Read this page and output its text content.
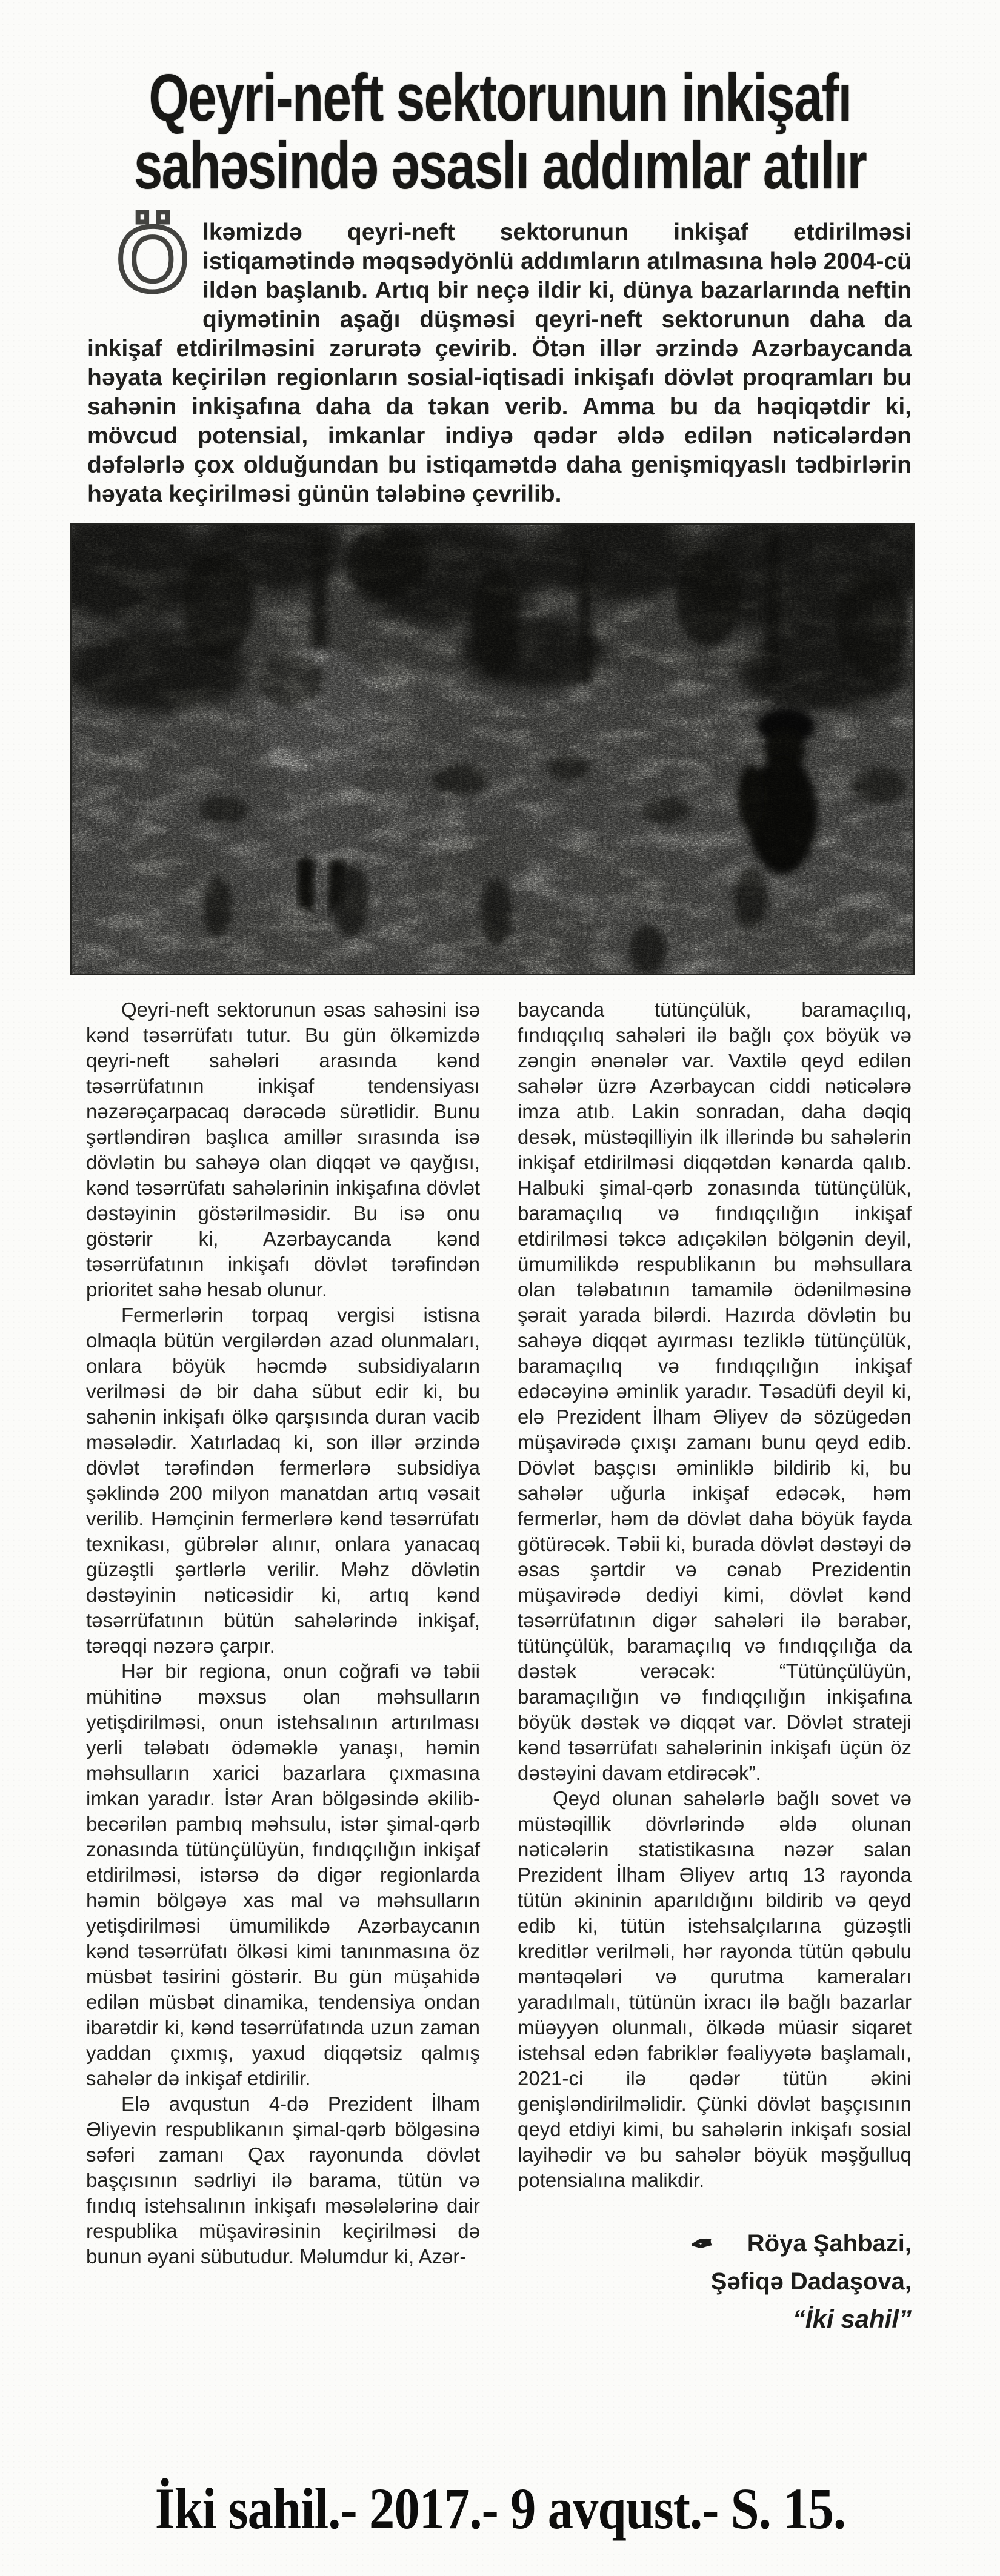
Qeyri-neft sektorunun inkişafı
sahəsində əsaslı addımlar atılır
Ölkəmizdə qeyri-neft sektorunun inkişaf etdirilməsi istiqamətində məqsədyönlü addımların atılmasına hələ 2004-cü ildən başlanıb. Artıq bir neçə ildir ki, dünya bazarlarında neftin qiymətinin aşağı düşməsi qeyri-neft sektorunun daha da inkişaf etdirilməsini zərurətə çevirib. Ötən illər ərzində Azərbaycanda həyata keçirilən regionların sosial-iqtisadi inkişafı dövlət proqramları bu sahənin inkişafına daha da təkan verib. Amma bu da həqiqətdir ki, mövcud potensial, imkanlar indiyə qədər əldə edilən nəticələrdən dəfələrlə çox olduğundan bu istiqamətdə daha genişmiqyaslı tədbirlərin həyata keçirilməsi günün tələbinə çevrilib.

Qeyri-neft sektorunun əsas sahəsini isə kənd təsərrüfatı tutur. Bu gün ölkəmizdə qeyri-neft sahələri arasında kənd təsərrüfatının inkişaf tendensiyası nəzərəçarpacaq dərəcədə sürətlidir. Bunu şərtləndirən başlıca amillər sırasında isə dövlətin bu sahəyə olan diqqət və qayğısı, kənd təsərrüfatı sahələrinin inkişafına dövlət dəstəyinin göstərilməsidir. Bu isə onu göstərir ki, Azərbaycanda kənd təsərrüfatının inkişafı dövlət tərəfindən prioritet sahə hesab olunur.

Fermerlərin torpaq vergisi istisna olmaqla bütün vergilərdən azad olunmaları, onlara böyük həcmdə subsidiyaların verilməsi də bir daha sübut edir ki, bu sahənin inkişafı ölkə qarşısında duran vacib məsələdir. Xatırladaq ki, son illər ərzində dövlət tərəfindən fermerlərə subsidiya şəklində 200 milyon manatdan artıq vəsait verilib. Həmçinin fermerlərə kənd təsərrüfatı texnikası, gübrələr alınır, onlara yanacaq güzəştli şərtlərlə verilir. Məhz dövlətin dəstəyinin nəticəsidir ki, artıq kənd təsərrüfatının bütün sahələrində inkişaf, tərəqqi nəzərə çarpır.

Hər bir regiona, onun coğrafi və təbii mühitinə məxsus olan məhsulların yetişdirilməsi, onun istehsalının artırılması yerli tələbatı ödəməklə yanaşı, həmin məhsulların xarici bazarlara çıxmasına imkan yaradır. İstər Aran bölgəsində əkilib-becərilən pambıq məhsulu, istər şimal-qərb zonasında tütünçülüyün, fındıqçılığın inkişaf etdirilməsi, istərsə də digər regionlarda həmin bölgəyə xas mal və məhsulların yetişdirilməsi ümumilikdə Azərbaycanın kənd təsərrüfatı ölkəsi kimi tanınmasına öz müsbət təsirini göstərir. Bu gün müşahidə edilən müsbət dinamika, tendensiya ondan ibarətdir ki, kənd təsərrüfatında uzun zaman yaddan çıxmış, yaxud diqqətsiz qalmış sahələr də inkişaf etdirilir.

Elə avqustun 4-də Prezident İlham Əliyevin respublikanın şimal-qərb bölgəsinə səfəri zamanı Qax rayonunda dövlət başçısının sədrliyi ilə barama, tütün və fındıq istehsalının inkişafı məsələlərinə dair respublika müşavirəsinin keçirilməsi də bunun əyani sübutudur. Məlumdur ki, Azər-

baycanda tütünçülük, baramaçılıq, fındıqçılıq sahələri ilə bağlı çox böyük və zəngin ənənələr var. Vaxtilə qeyd edilən sahələr üzrə Azərbaycan ciddi nəticələrə imza atıb. Lakin sonradan, daha dəqiq desək, müstəqilliyin ilk illərində bu sahələrin inkişaf etdirilməsi diqqətdən kənarda qalıb. Halbuki şimal-qərb zonasında tütünçülük, baramaçılıq və fındıqçılığın inkişaf etdirilməsi təkcə adıçəkilən bölgənin deyil, ümumilikdə respublikanın bu məhsullara olan tələbatının tamamilə ödənilməsinə şərait yarada bilərdi. Hazırda dövlətin bu sahəyə diqqət ayırması tezliklə tütünçülük, baramaçılıq və fındıqçılığın inkişaf edəcəyinə əminlik yaradır. Təsadüfi deyil ki, elə Prezident İlham Əliyev də sözügedən müşavirədə çıxışı zamanı bunu qeyd edib. Dövlət başçısı əminliklə bildirib ki, bu sahələr uğurla inkişaf edəcək, həm fermerlər, həm də dövlət daha böyük fayda götürəcək. Təbii ki, burada dövlət dəstəyi də əsas şərtdir və cənab Prezidentin müşavirədə dediyi kimi, dövlət kənd təsərrüfatının digər sahələri ilə bərabər, tütünçülük, baramaçılıq və fındıqçılığa da dəstək verəcək: “Tütünçülüyün, baramaçılığın və fındıqçılığın inkişafına böyük dəstək və diqqət var. Dövlət strateji kənd təsərrüfatı sahələrinin inkişafı üçün öz dəstəyini davam etdirəcək”.

Qeyd olunan sahələrlə bağlı sovet və müstəqillik dövrlərində əldə olunan nəticələrin statistikasına nəzər salan Prezident İlham Əliyev artıq 13 rayonda tütün əkininin aparıldığını bildirib və qeyd edib ki, tütün istehsalçılarına güzəştli kreditlər verilməli, hər rayonda tütün qəbulu məntəqələri və qurutma kameraları yaradılmalı, tütünün ixracı ilə bağlı bazarlar müəyyən olunmalı, ölkədə müasir siqaret istehsal edən fabriklər fəaliyyətə başlamalı, 2021-ci ilə qədər tütün əkini genişləndirilməlidir. Çünki dövlət başçısının qeyd etdiyi kimi, bu sahələrin inkişafı sosial layihədir və bu sahələr böyük məşğulluq potensialına malikdir.

✒ Röya Şahbazi,
Şəfiqə Dadaşova,
“İki sahil”
İki sahil.- 2017.- 9 avqust.- S. 15.
